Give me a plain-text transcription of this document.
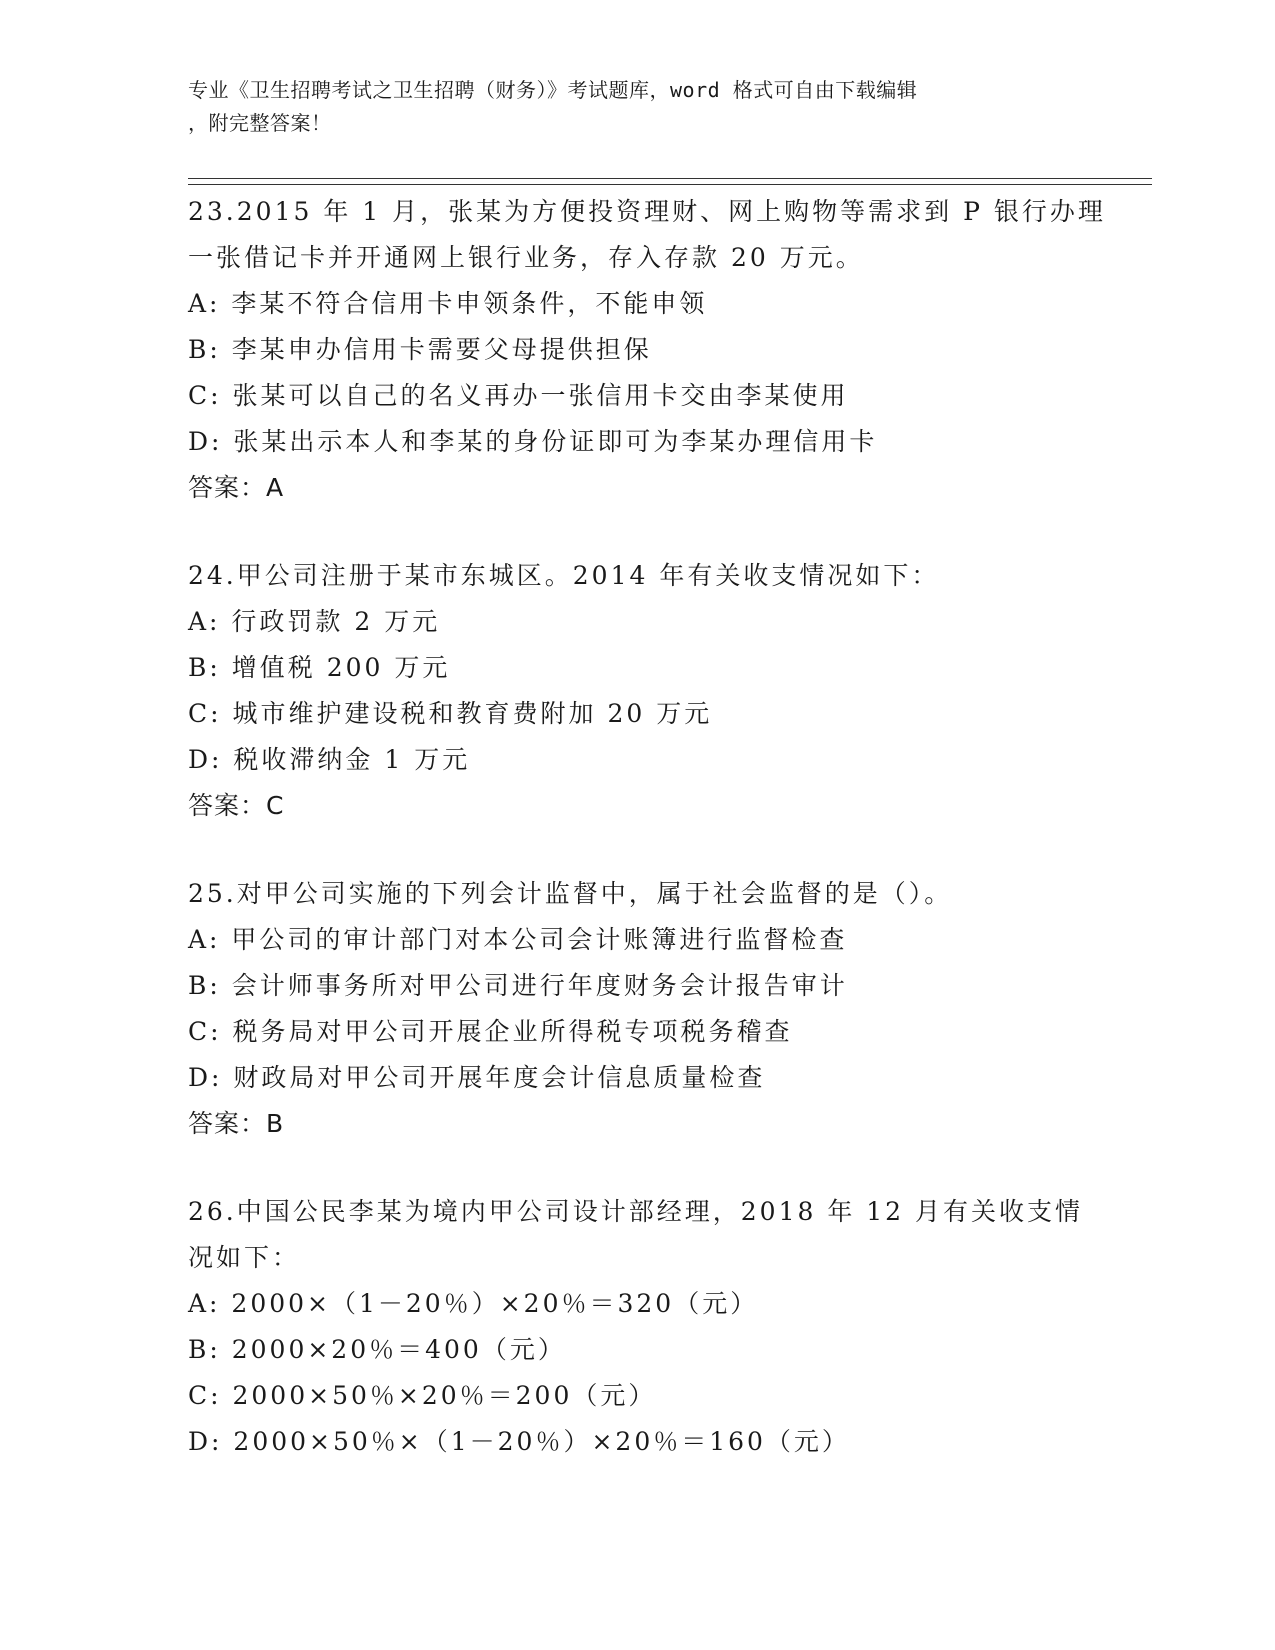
专业《卫生招聘考试之卫生招聘（财务）》考试题库，word 格式可自由下载编辑
，附完整答案！
23.2015 年 1 月，张某为方便投资理财、网上购物等需求到 P 银行办理
一张借记卡并开通网上银行业务，存入存款 20 万元。
A: 李某不符合信用卡申领条件，不能申领
B: 李某申办信用卡需要父母提供担保
C: 张某可以自己的名义再办一张信用卡交由李某使用
D: 张某出示本人和李某的身份证即可为李某办理信用卡
答案：A
24.甲公司注册于某市东城区。2014 年有关收支情况如下：
A: 行政罚款 2 万元
B: 增值税 200 万元
C: 城市维护建设税和教育费附加 20 万元
D: 税收滞纳金 1 万元
答案：C
25.对甲公司实施的下列会计监督中，属于社会监督的是（）。
A: 甲公司的审计部门对本公司会计账簿进行监督检查
B: 会计师事务所对甲公司进行年度财务会计报告审计
C: 税务局对甲公司开展企业所得税专项税务稽查
D: 财政局对甲公司开展年度会计信息质量检查
答案：B
26.中国公民李某为境内甲公司设计部经理，2018 年 12 月有关收支情
况如下：
A: 2000×（1－20％）×20％＝320（元）
B: 2000×20％＝400（元）
C: 2000×50％×20％＝200（元）
D: 2000×50％×（1－20％）×20％＝160（元）
